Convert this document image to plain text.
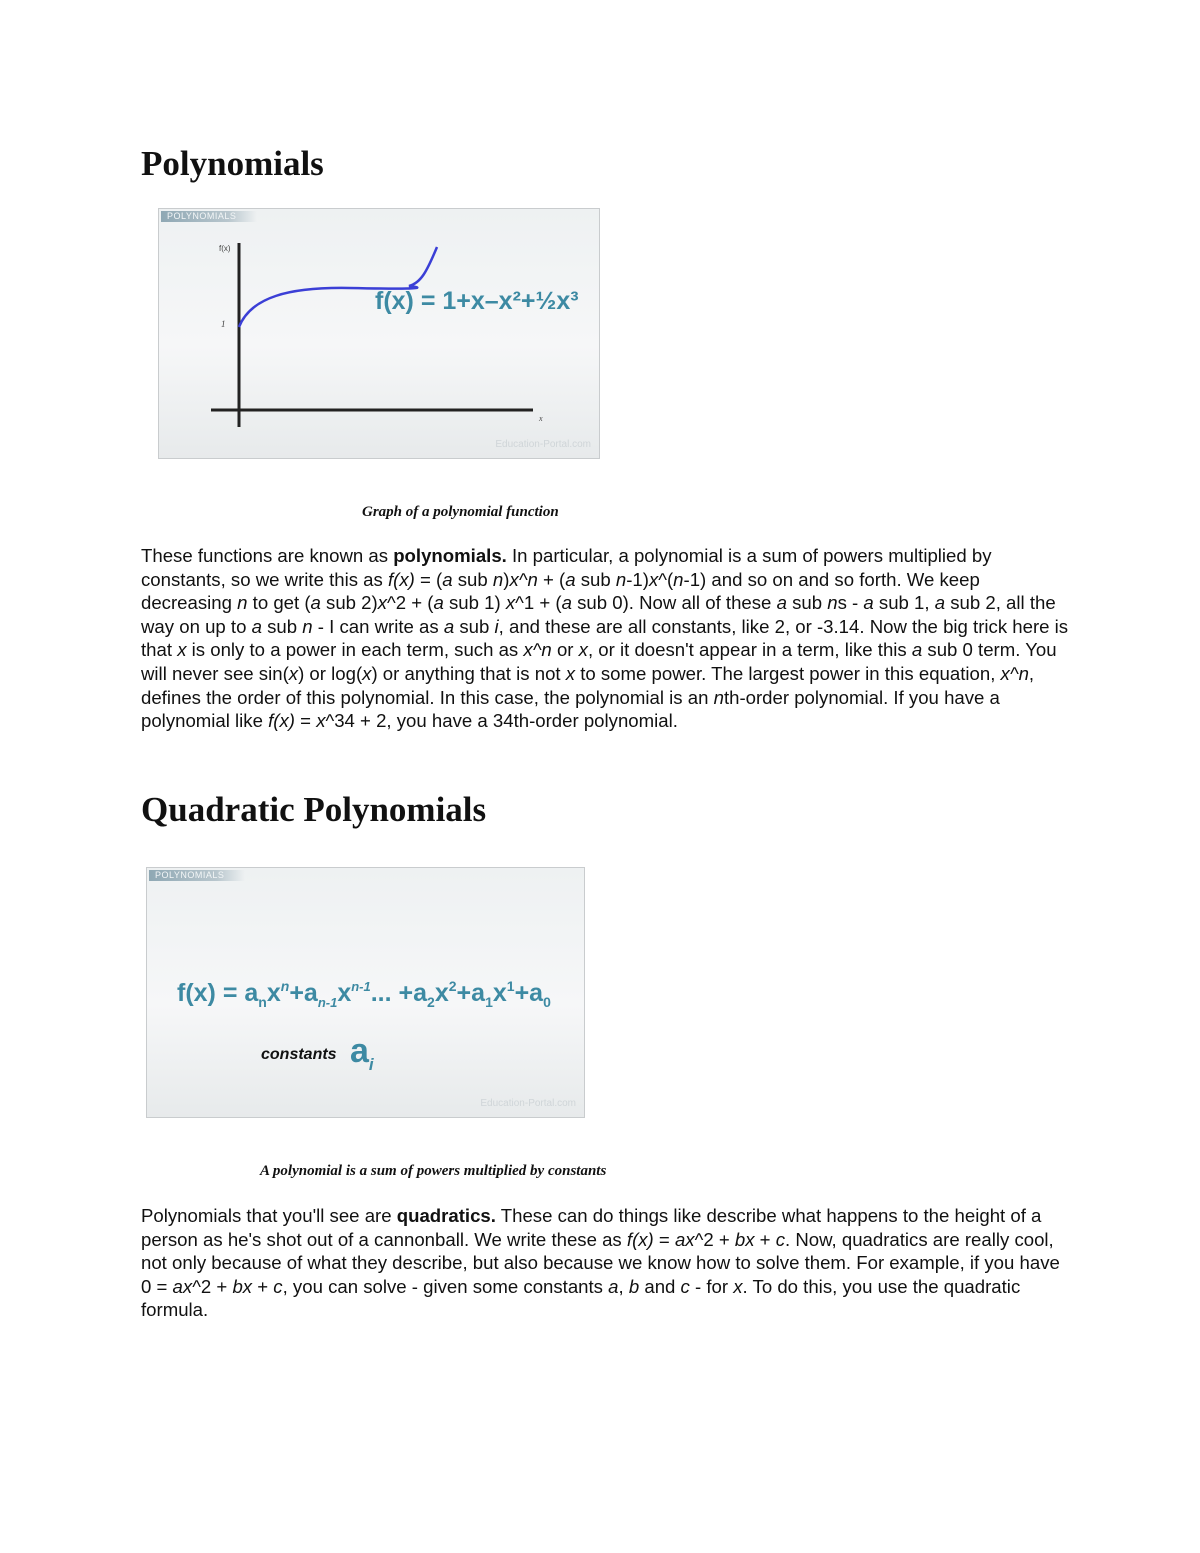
Polynomials
POLYNOMIALS
f(x)
1
x
f(x) = 1+x–x²+½x³
Education-Portal.com

Graph of a polynomial function

These functions are known as polynomials. In particular, a polynomial is a sum of powers multiplied by constants, so we write this as f(x) = (a sub n)x^n + (a sub n-1)x^(n-1) and so on and so forth. We keep decreasing n to get (a sub 2)x^2 + (a sub 1) x^1 + (a sub 0). Now all of these a sub ns - a sub 1, a sub 2, all the way on up to a sub n - I can write as a sub i, and these are all constants, like 2, or -3.14. Now the big trick here is that x is only to a power in each term, such as x^n or x, or it doesn't appear in a term, like this a sub 0 term. You will never see sin(x) or log(x) or anything that is not x to some power. The largest power in this equation, x^n, defines the order of this polynomial. In this case, the polynomial is an nth-order polynomial. If you have a polynomial like f(x) = x^34 + 2, you have a 34th-order polynomial.

Quadratic Polynomials
POLYNOMIALS
$f(x) = a_nx^n+a_{n-1}x^{n-1}$... $+a_2x^2+a_1x^1+a_0$
constants $a_i$
Education-Portal.com

A polynomial is a sum of powers multiplied by constants

Polynomials that you'll see are quadratics. These can do things like describe what happens to the height of a person as he's shot out of a cannonball. We write these as f(x) = ax^2 + bx + c. Now, quadratics are really cool, not only because of what they describe, but also because we know how to solve them. For example, if you have 0 = ax^2 + bx + c, you can solve - given some constants a, b and c - for x. To do this, you use the quadratic formula.
